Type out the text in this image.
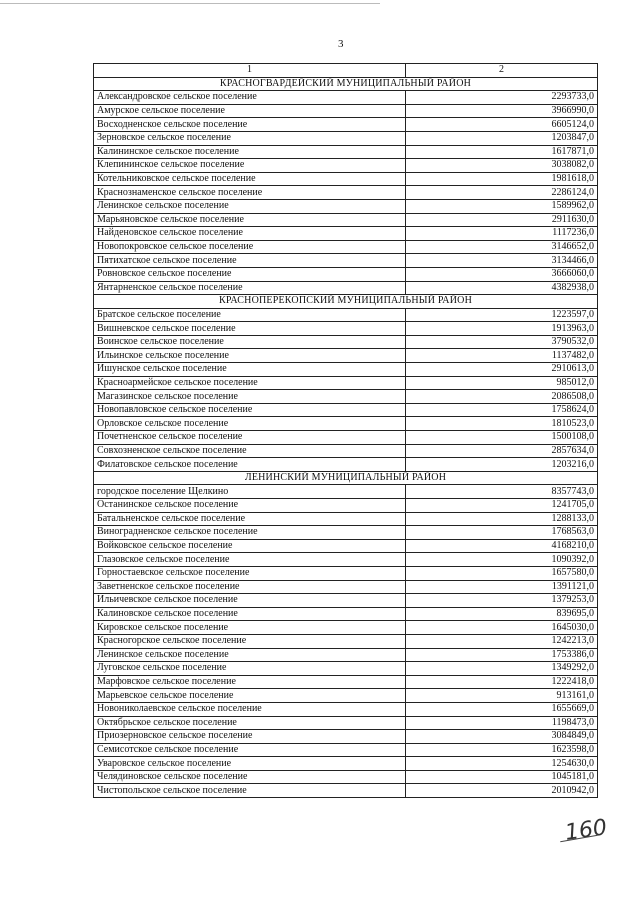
3
1	2
КРАСНОГВАРДЕЙСКИЙ МУНИЦИПАЛЬНЫЙ РАЙОН	
Александровское сельское поселение	2293733,0
Амурское сельское поселение	3966990,0
Восходненское сельское поселение	6605124,0
Зерновское сельское поселение	1203847,0
Калининское сельское поселение	1617871,0
Клепининское сельское поселение	3038082,0
Котельниковское сельское поселение	1981618,0
Краснознаменское сельское поселение	2286124,0
Ленинское сельское поселение	1589962,0
Марьяновское сельское поселение	2911630,0
Найденовское сельское поселение	1117236,0
Новопокровское сельское поселение	3146652,0
Пятихатское сельское поселение	3134466,0
Ровновское сельское поселение	3666060,0
Янтарненское сельское поселение	4382938,0
КРАСНОПЕРЕКОПСКИЙ МУНИЦИПАЛЬНЫЙ РАЙОН	
Братское сельское поселение	1223597,0
Вишневское сельское поселение	1913963,0
Воинское сельское поселение	3790532,0
Ильинское сельское поселение	1137482,0
Ишунское сельское поселение	2910613,0
Красноармейское сельское поселение	985012,0
Магазинское сельское поселение	2086508,0
Новопавловское сельское поселение	1758624,0
Орловское сельское поселение	1810523,0
Почетненское сельское поселение	1500108,0
Совхозненское сельское поселение	2857634,0
Филатовское сельское поселение	1203216,0
ЛЕНИНСКИЙ МУНИЦИПАЛЬНЫЙ РАЙОН	
городское поселение Щелкино	8357743,0
Останинское сельское поселение	1241705,0
Батальненское сельское поселение	1288133,0
Виноградненское сельское поселение	1768563,0
Войковское сельское поселение	4168210,0
Глазовское сельское поселение	1090392,0
Горностаевское сельское поселение	1657580,0
Заветненское сельское поселение	1391121,0
Ильичевское сельское поселение	1379253,0
Калиновское сельское поселение	839695,0
Кировское сельское поселение	1645030,0
Красногорское сельское поселение	1242213,0
Ленинское сельское поселение	1753386,0
Луговское сельское поселение	1349292,0
Марфовское сельское поселение	1222418,0
Марьевское сельское поселение	913161,0
Новониколаевское сельское поселение	1655669,0
Октябрьское сельское поселение	1198473,0
Приозерновское сельское поселение	3084849,0
Семисотское сельское поселение	1623598,0
Уваровское сельское поселение	1254630,0
Челядиновское сельское поселение	1045181,0
Чистопольское сельское поселение	2010942,0
160
